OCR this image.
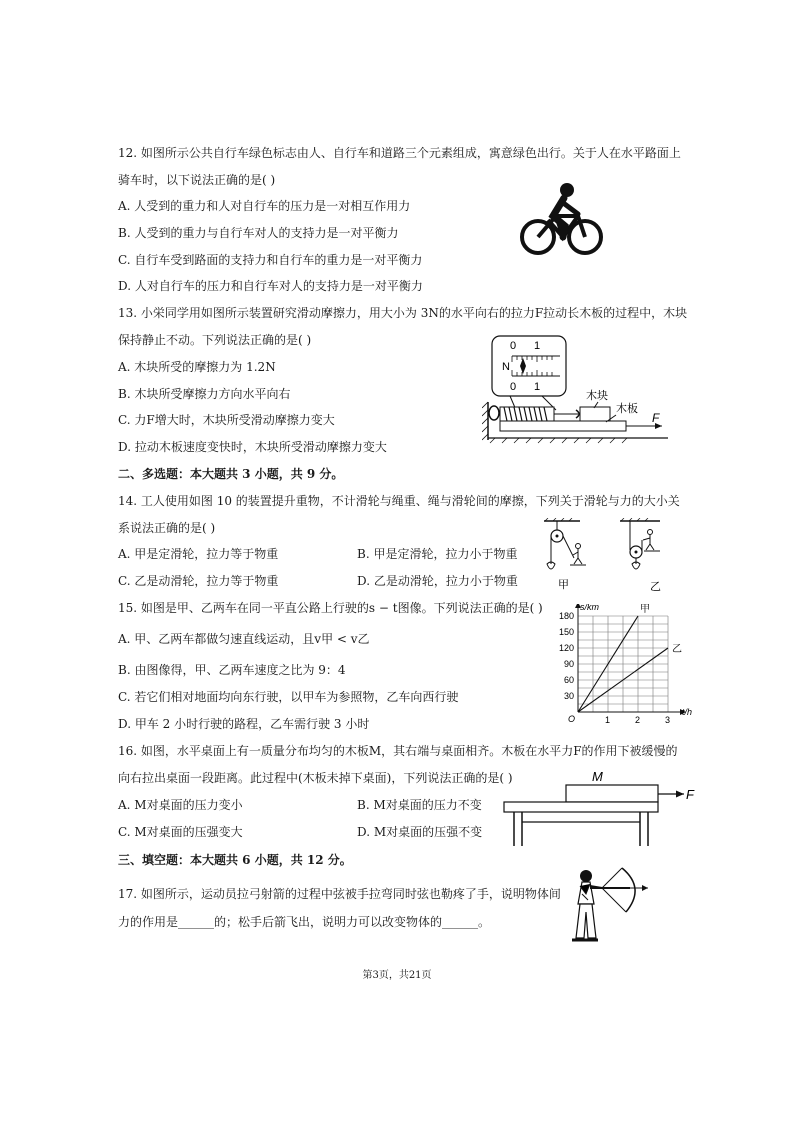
12. 如图所示公共自行车绿色标志由人、自行车和道路三个元素组成，寓意绿色出行。关于人在水平路面上
骑车时，以下说法正确的是( )
A. 人受到的重力和人对自行车的压力是一对相互作用力
B. 人受到的重力与自行车对人的支持力是一对平衡力
C. 自行车受到路面的支持力和自行车的重力是一对平衡力
D. 人对自行车的压力和自行车对人的支持力是一对平衡力
13. 小栄同学用如图所示装置研究滑动摩擦力，用大小为 3N的水平向右的拉力F拉动长木板的过程中，木块
保持静止不动。下列说法正确的是( )
A. 木块所受的摩擦力为 1.2N
B. 木块所受摩擦力方向水平向右
C. 力F增大时，木块所受滑动摩擦力变大
D. 拉动木板速度变快时，木块所受滑动摩擦力变大
0 1
N
0 1
木块
木板
F
二、多选题：本大题共 3 小题，共 9 分。
14. 工人使用如图 10 的装置提升重物，不计滑轮与绳重、绳与滑轮间的摩擦，下列关于滑轮与力的大小关
系说法正确的是( )
A. 甲是定滑轮，拉力等于物重	B. 甲是定滑轮，拉力小于物重
C. 乙是动滑轮，拉力等于物重	D. 乙是动滑轮，拉力小于物重	甲	乙
15. 如图是甲、乙两车在同一平直公路上行驶的s − t图像。下列说法正确的是( )
A. 甲、乙两车都做匀速直线运动，且v甲 < v乙
B. 由图像得，甲、乙两车速度之比为 9：4
C. 若它们相对地面均向东行驶，以甲车为参照物，乙车向西行驶
D. 甲车 2 小时行驶的路程，乙车需行驶 3 小时
t/h
s/km
O	1	2	3
30
60
90
120
150
180
甲
乙
16. 如图，水平桌面上有一质量分布均匀的木板M，其右端与桌面相齐。木板在水平力F的作用下被缓慢的
向右拉出桌面一段距离。此过程中(木板未掉下桌面)，下列说法正确的是( )
A. M对桌面的压力变小	B. M对桌面的压力不变
C. M对桌面的压强变大	D. M对桌面的压强不变
M
F
三、填空题：本大题共 6 小题，共 12 分。
17. 如图所示，运动员拉弓射箭的过程中弦被手拉弯同时弦也勒疼了手，说明物体间
力的作用是______的；松手后箭飞出，说明力可以改变物体的______。
第3页，共21页
